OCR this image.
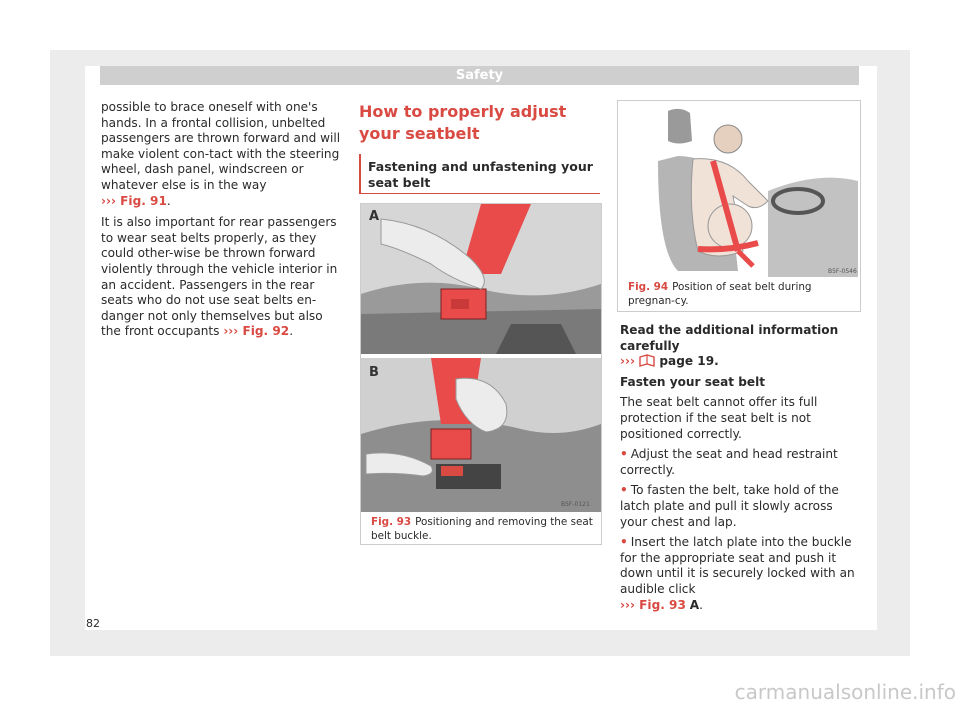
Safety

possible to brace oneself with one's hands. In a frontal collision, unbelted passengers are thrown forward and will make violent con-tact with the steering wheel, dash panel, windscreen or whatever else is in the way
››› Fig. 91.

It is also important for rear passengers to wear seat belts properly, as they could other-wise be thrown forward violently through the vehicle interior in an accident. Passengers in the rear seats who do not use seat belts en-danger not only themselves but also the front occupants ››› Fig. 92.

How to properly adjust your seatbelt
Fastening and unfastening your seat belt
A
B
B5F-0121
Fig. 93 Positioning and removing the seat belt buckle.
B5F-0546
Fig. 94 Position of seat belt during pregnan-cy.

Read the additional information carefully
››› page 19.

Fasten your seat belt

The seat belt cannot offer its full protection if the seat belt is not positioned correctly.

• Adjust the seat and head restraint correctly.

• To fasten the belt, take hold of the latch plate and pull it slowly across your chest and lap.

• Insert the latch plate into the buckle for the appropriate seat and push it down until it is securely locked with an audible click
››› Fig. 93 A.

82
carmanualsonline.info
